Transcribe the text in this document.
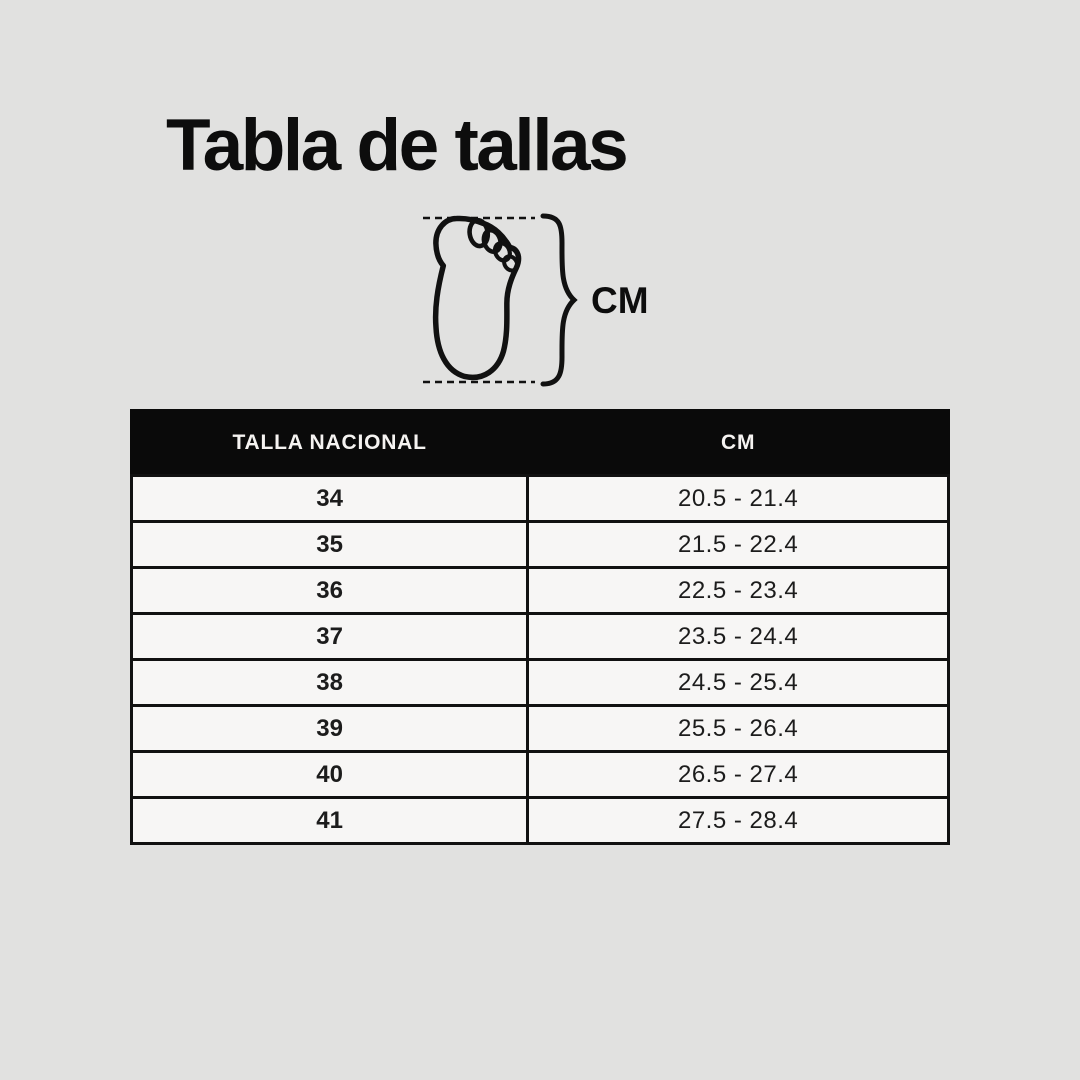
Tabla de tallas
CM
TALLA NACIONAL	CM
34	20.5 - 21.4
35	21.5 - 22.4
36	22.5 - 23.4
37	23.5 - 24.4
38	24.5 - 25.4
39	25.5 - 26.4
40	26.5 - 27.4
41	27.5 - 28.4
